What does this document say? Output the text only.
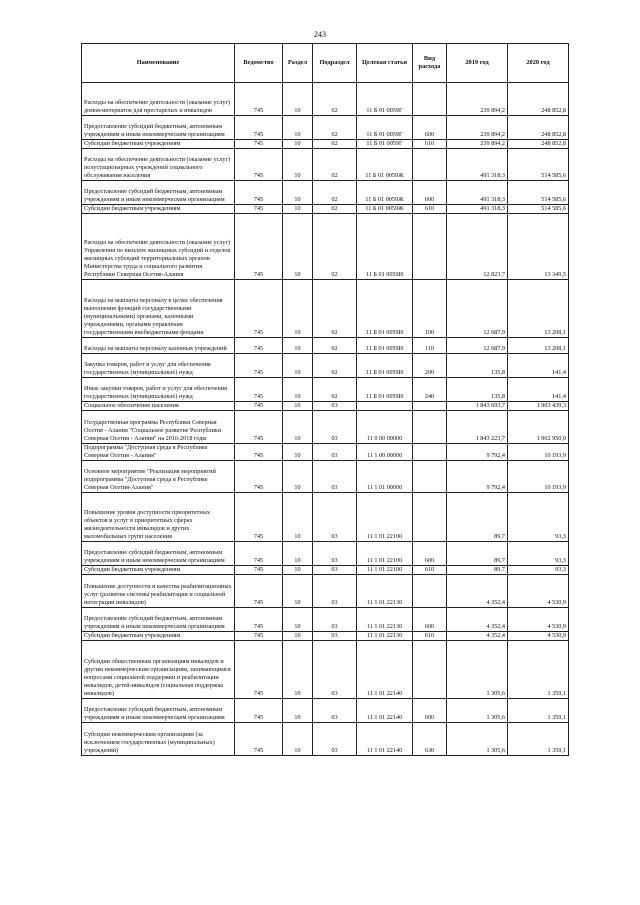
243
Наименование	Ведомство	Раздел	Подраздел	Целевая статья	Вид расхода	2019 год	2020 год
Расходы на обеспечение деятельности (оказание услуг) домов-интернатов для престарелых и инвалидов	745	10	02	11 Б 01 0059Г		239 894,2	248 852,8
Предоставление субсидий бюджетным, автономным учреждениям и иным некоммерческим организациям	745	10	02	11 Б 01 0059Г	600	239 894,2	248 852,8
Субсидии бюджетным учреждениям	745	10	02	11 Б 01 0059Г	610	239 894,2	248 852,8
Расходы на обеспечение деятельности (оказание услуг) полустационарных учреждений социального обслуживания населения	745	10	02	11 Б 01 0059Ж		491 318,3	514 585,6
Предоставление субсидий бюджетным, автономным учреждениям и иным некоммерческим организациям	745	10	02	11 Б 01 0059Ж	600	491 318,3	514 585,6
Субсидии бюджетным учреждениям	745	10	02	11 Б 01 0059Ж	610	491 318,3	514 585,6
Расходы на обеспечение деятельности (оказание услуг) Управления по выплате жилищных субсидий и отделов жилищных субсидий территориальных органов Министерства труда и социального развития Республики Северная Осетия-Алания	745	10	02	11 Б 01 0059И		12 823,7	13 349,5
Расходы на выплаты персоналу в целях обеспечения выполнения функций государственными (муниципальными) органами, казенными учреждениями, органами управления государственными внебюджетными фондами	745	10	02	11 Б 01 0059И	100	12 687,9	13 208,1
Расходы на выплаты персоналу казенных учреждений	745	10	02	11 Б 01 0059И	110	12 687,9	13 208,1
Закупка товаров, работ и услуг для обеспечения государственных (муниципальных) нужд	745	10	02	11 Б 01 0059И	200	135,8	141,4
Иные закупки товаров, работ и услуг для обеспечения государственных (муниципальных) нужд	745	10	02	11 Б 01 0059И	240	135,8	141,4
Социальное обеспечение населения	745	10	03			1 843 693,7	1 903 439,3
Государственная программа Республики Северная Осетия - Алания "Социальное развитие Республики Северная Осетия - Алания" на 2016-2018 годы	745	10	03	11 0 00 00000		1 843 223,7	1 902 950,0
Подпрограмма "Доступная среда в Республике Северная Осетия - Алания"	745	10	03	11 1 00 00000		9 792,4	10 193,9
Основное мероприятие "Реализация мероприятий подпрограммы "Доступная среда в Республике Северная Осетия-Алания"	745	10	03	11 1 01 00000		9 792,4	10 193,9
Повышение уровня доступности приоритетных объектов и услуг в приоритетных сферах жизнедеятельности инвалидов и других маломобильных групп населения	745	10	03	11 1 01 22100		89,7	93,3
Предоставление субсидий бюджетным, автономным учреждениям и иным некоммерческим организациям	745	10	03	11 1 01 22100	600	89,7	93,3
Субсидии бюджетным учреждениям	745	10	03	11 1 01 22100	610	89,7	93,3
Повышение доступности и качества реабилитационных услуг (развитие системы реабилитации и социальной интеграции инвалидов)	745	10	03	11 1 01 22130		4 352,4	4 530,9
Предоставление субсидий бюджетным, автономным учреждениям и иным некоммерческим организациям	745	10	03	11 1 01 22130	600	4 352,4	4 530,9
Субсидии бюджетным учреждениям	745	10	03	11 1 01 22130	610	4 352,4	4 530,9
Субсидии общественным организациям инвалидов и другим некоммерческим организациям, занимающимся вопросами социальной поддержки и реабилитации инвалидов, детей-инвалидов (социальная поддержка инвалидов)	745	10	03	11 1 01 22140		1 305,6	1 359,1
Предоставление субсидий бюджетным, автономным учреждениям и иным некоммерческим организациям	745	10	03	11 1 01 22140	600	1 305,6	1 359,1
Субсидии некоммерческим организациям (за исключением государственных (муниципальных) учреждений)	745	10	03	11 1 01 22140	630	1 305,6	1 359,1
